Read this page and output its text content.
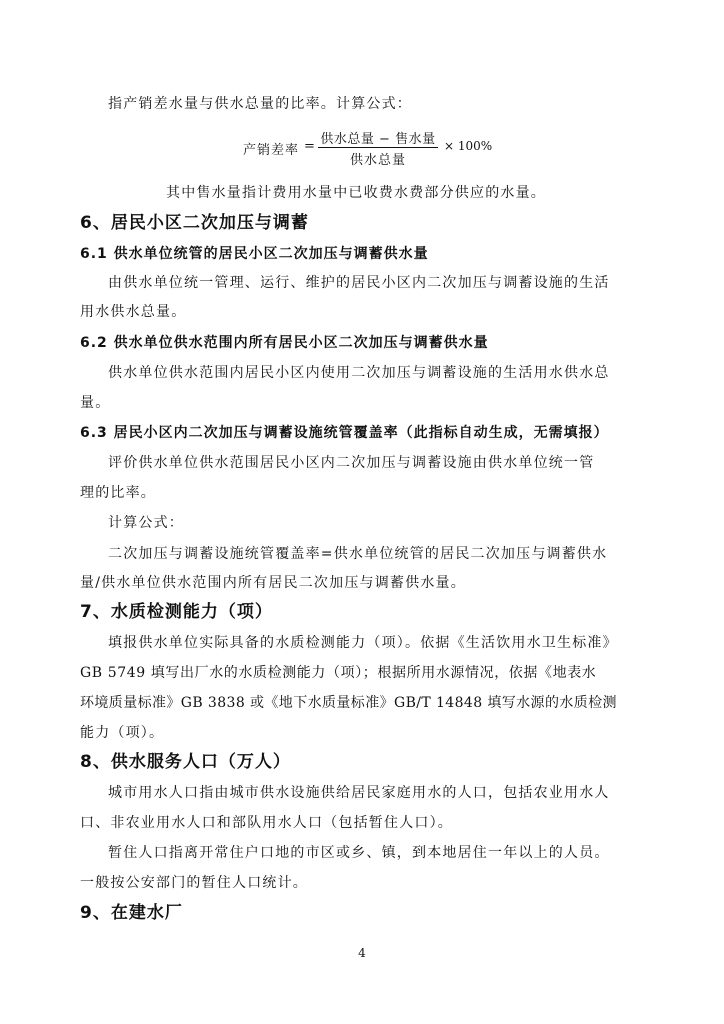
指产销差水量与供水总量的比率。计算公式：
产销差率 = 供水总量 − 售水量
供水总量
× 100%
其中售水量指计费用水量中已收费水费部分供应的水量。
6、居民小区二次加压与调蓄
6.1 供水单位统管的居民小区二次加压与调蓄供水量
由供水单位统一管理、运行、维护的居民小区内二次加压与调蓄设施的生活
用水供水总量。
6.2 供水单位供水范围内所有居民小区二次加压与调蓄供水量
供水单位供水范围内居民小区内使用二次加压与调蓄设施的生活用水供水总
量。
6.3 居民小区内二次加压与调蓄设施统管覆盖率（此指标自动生成，无需填报）
评价供水单位供水范围居民小区内二次加压与调蓄设施由供水单位统一管
理的比率。
计算公式：
二次加压与调蓄设施统管覆盖率=供水单位统管的居民二次加压与调蓄供水
量/供水单位供水范围内所有居民二次加压与调蓄供水量。
7、水质检测能力（项）
填报供水单位实际具备的水质检测能力（项）。依据《生活饮用水卫生标准》
GB 5749 填写出厂水的水质检测能力（项）；根据所用水源情况，依据《地表水
环境质量标准》GB 3838 或《地下水质量标准》GB/T 14848 填写水源的水质检测
能力（项）。
8、供水服务人口（万人）
城市用水人口指由城市供水设施供给居民家庭用水的人口，包括农业用水人
口、非农业用水人口和部队用水人口（包括暂住人口）。
暂住人口指离开常住户口地的市区或乡、镇，到本地居住一年以上的人员。
一般按公安部门的暂住人口统计。
9、在建水厂
4
